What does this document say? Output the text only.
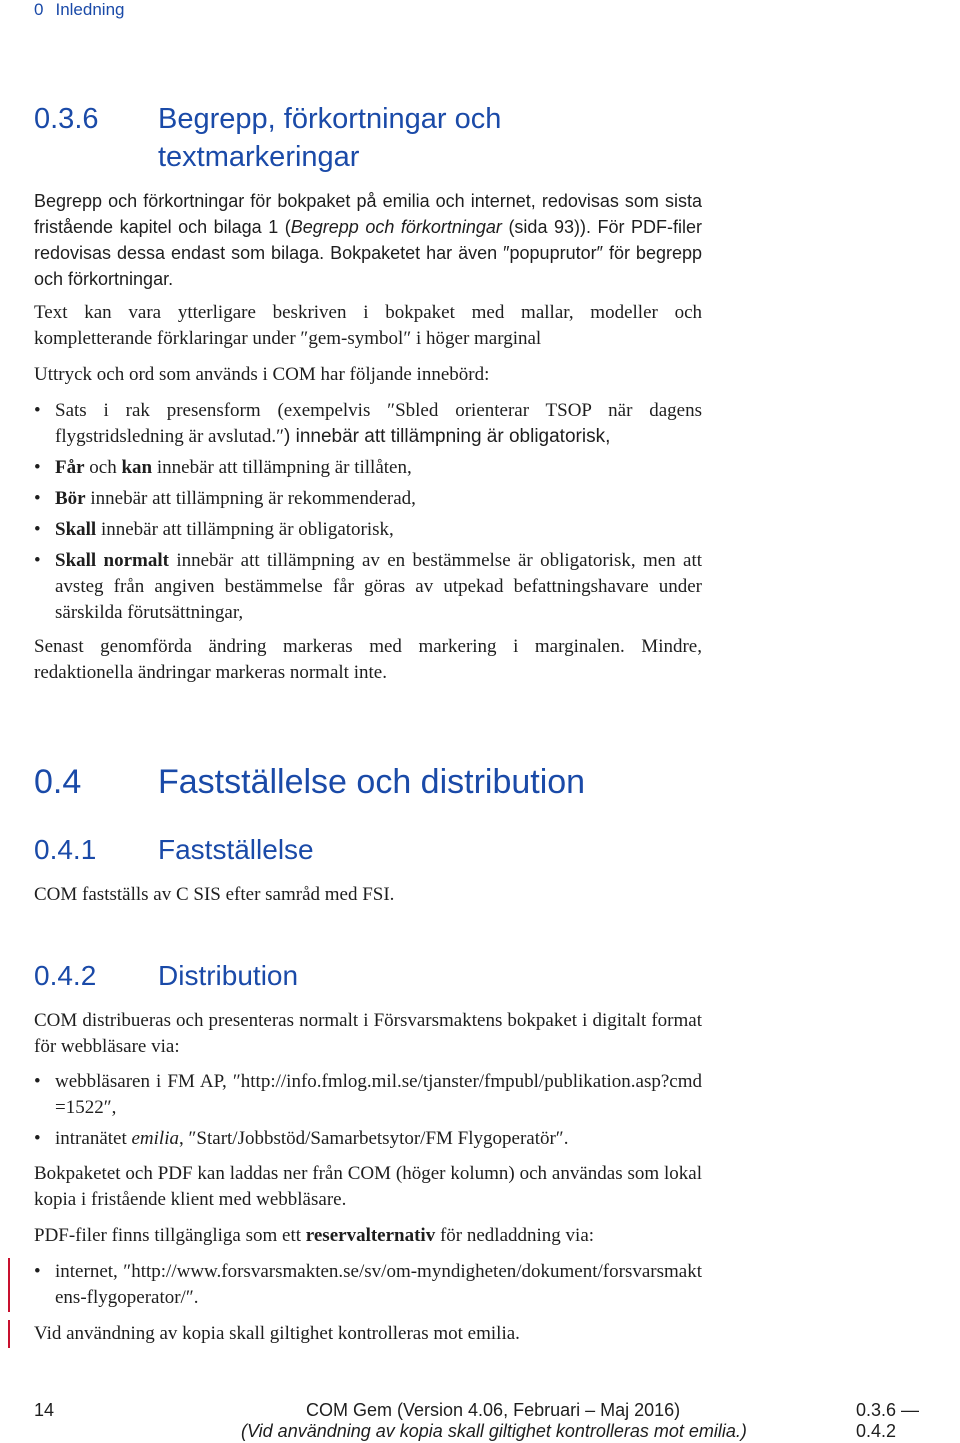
0 Inledning
0.3.6 Begrepp, förkortningar och
textmarkeringar
Begrepp och förkortningar för bokpaket på emilia och internet, redovisas som sista fristående kapitel och bilaga 1 (Begrepp och förkortningar (sida 93)). För PDF-filer redovisas dessa endast som bilaga. Bokpaketet har även ″popuprutor″ för begrepp och förkortningar.
Text kan vara ytterligare beskriven i bokpaket med mallar, modeller och kompletterande förklaringar under ″gem-symbol″ i höger marginal
Uttryck och ord som används i COM har följande innebörd:
• Sats i rak presensform (exempelvis ″Sbled orienterar TSOP när dagens flygstridsledning är avslutad.″) innebär att tillämpning är obligatorisk,
• Får och kan innebär att tillämpning är tillåten,
• Bör innebär att tillämpning är rekommenderad,
• Skall innebär att tillämpning är obligatorisk,
• Skall normalt innebär att tillämpning av en bestämmelse är obligatorisk, men att avsteg från angiven bestämmelse får göras av utpekad befattningshavare under särskilda förutsättningar,
Senast genomförda ändring markeras med markering i marginalen. Mindre, redaktionella ändringar markeras normalt inte.
0.4 Fastställelse och distribution
0.4.1 Fastställelse
COM fastställs av C SIS efter samråd med FSI.
0.4.2 Distribution
COM distribueras och presenteras normalt i Försvarsmaktens bokpaket i digitalt format för webbläsare via:
• webbläsaren i FM AP, ″http://info.fmlog.mil.se/tjanster/fmpubl/publikation.asp?cmd=1522″,
• intranätet emilia, ″Start/Jobbstöd/Samarbetsytor/FM Flygoperatör″.
Bokpaketet och PDF kan laddas ner från COM (höger kolumn) och användas som lokal kopia i fristående klient med webbläsare.
PDF-filer finns tillgängliga som ett reservalternativ för nedladdning via:
• internet, ″http://www.forsvarsmakten.se/sv/om-myndigheten/dokument/forsvarsmaktens-flygoperator/″.
Vid användning av kopia skall giltighet kontrolleras mot emilia.
14	COM Gem (Version 4.06, Februari – Maj 2016)	0.3.6 — 0.4.2
(Vid användning av kopia skall giltighet kontrolleras mot emilia.)
